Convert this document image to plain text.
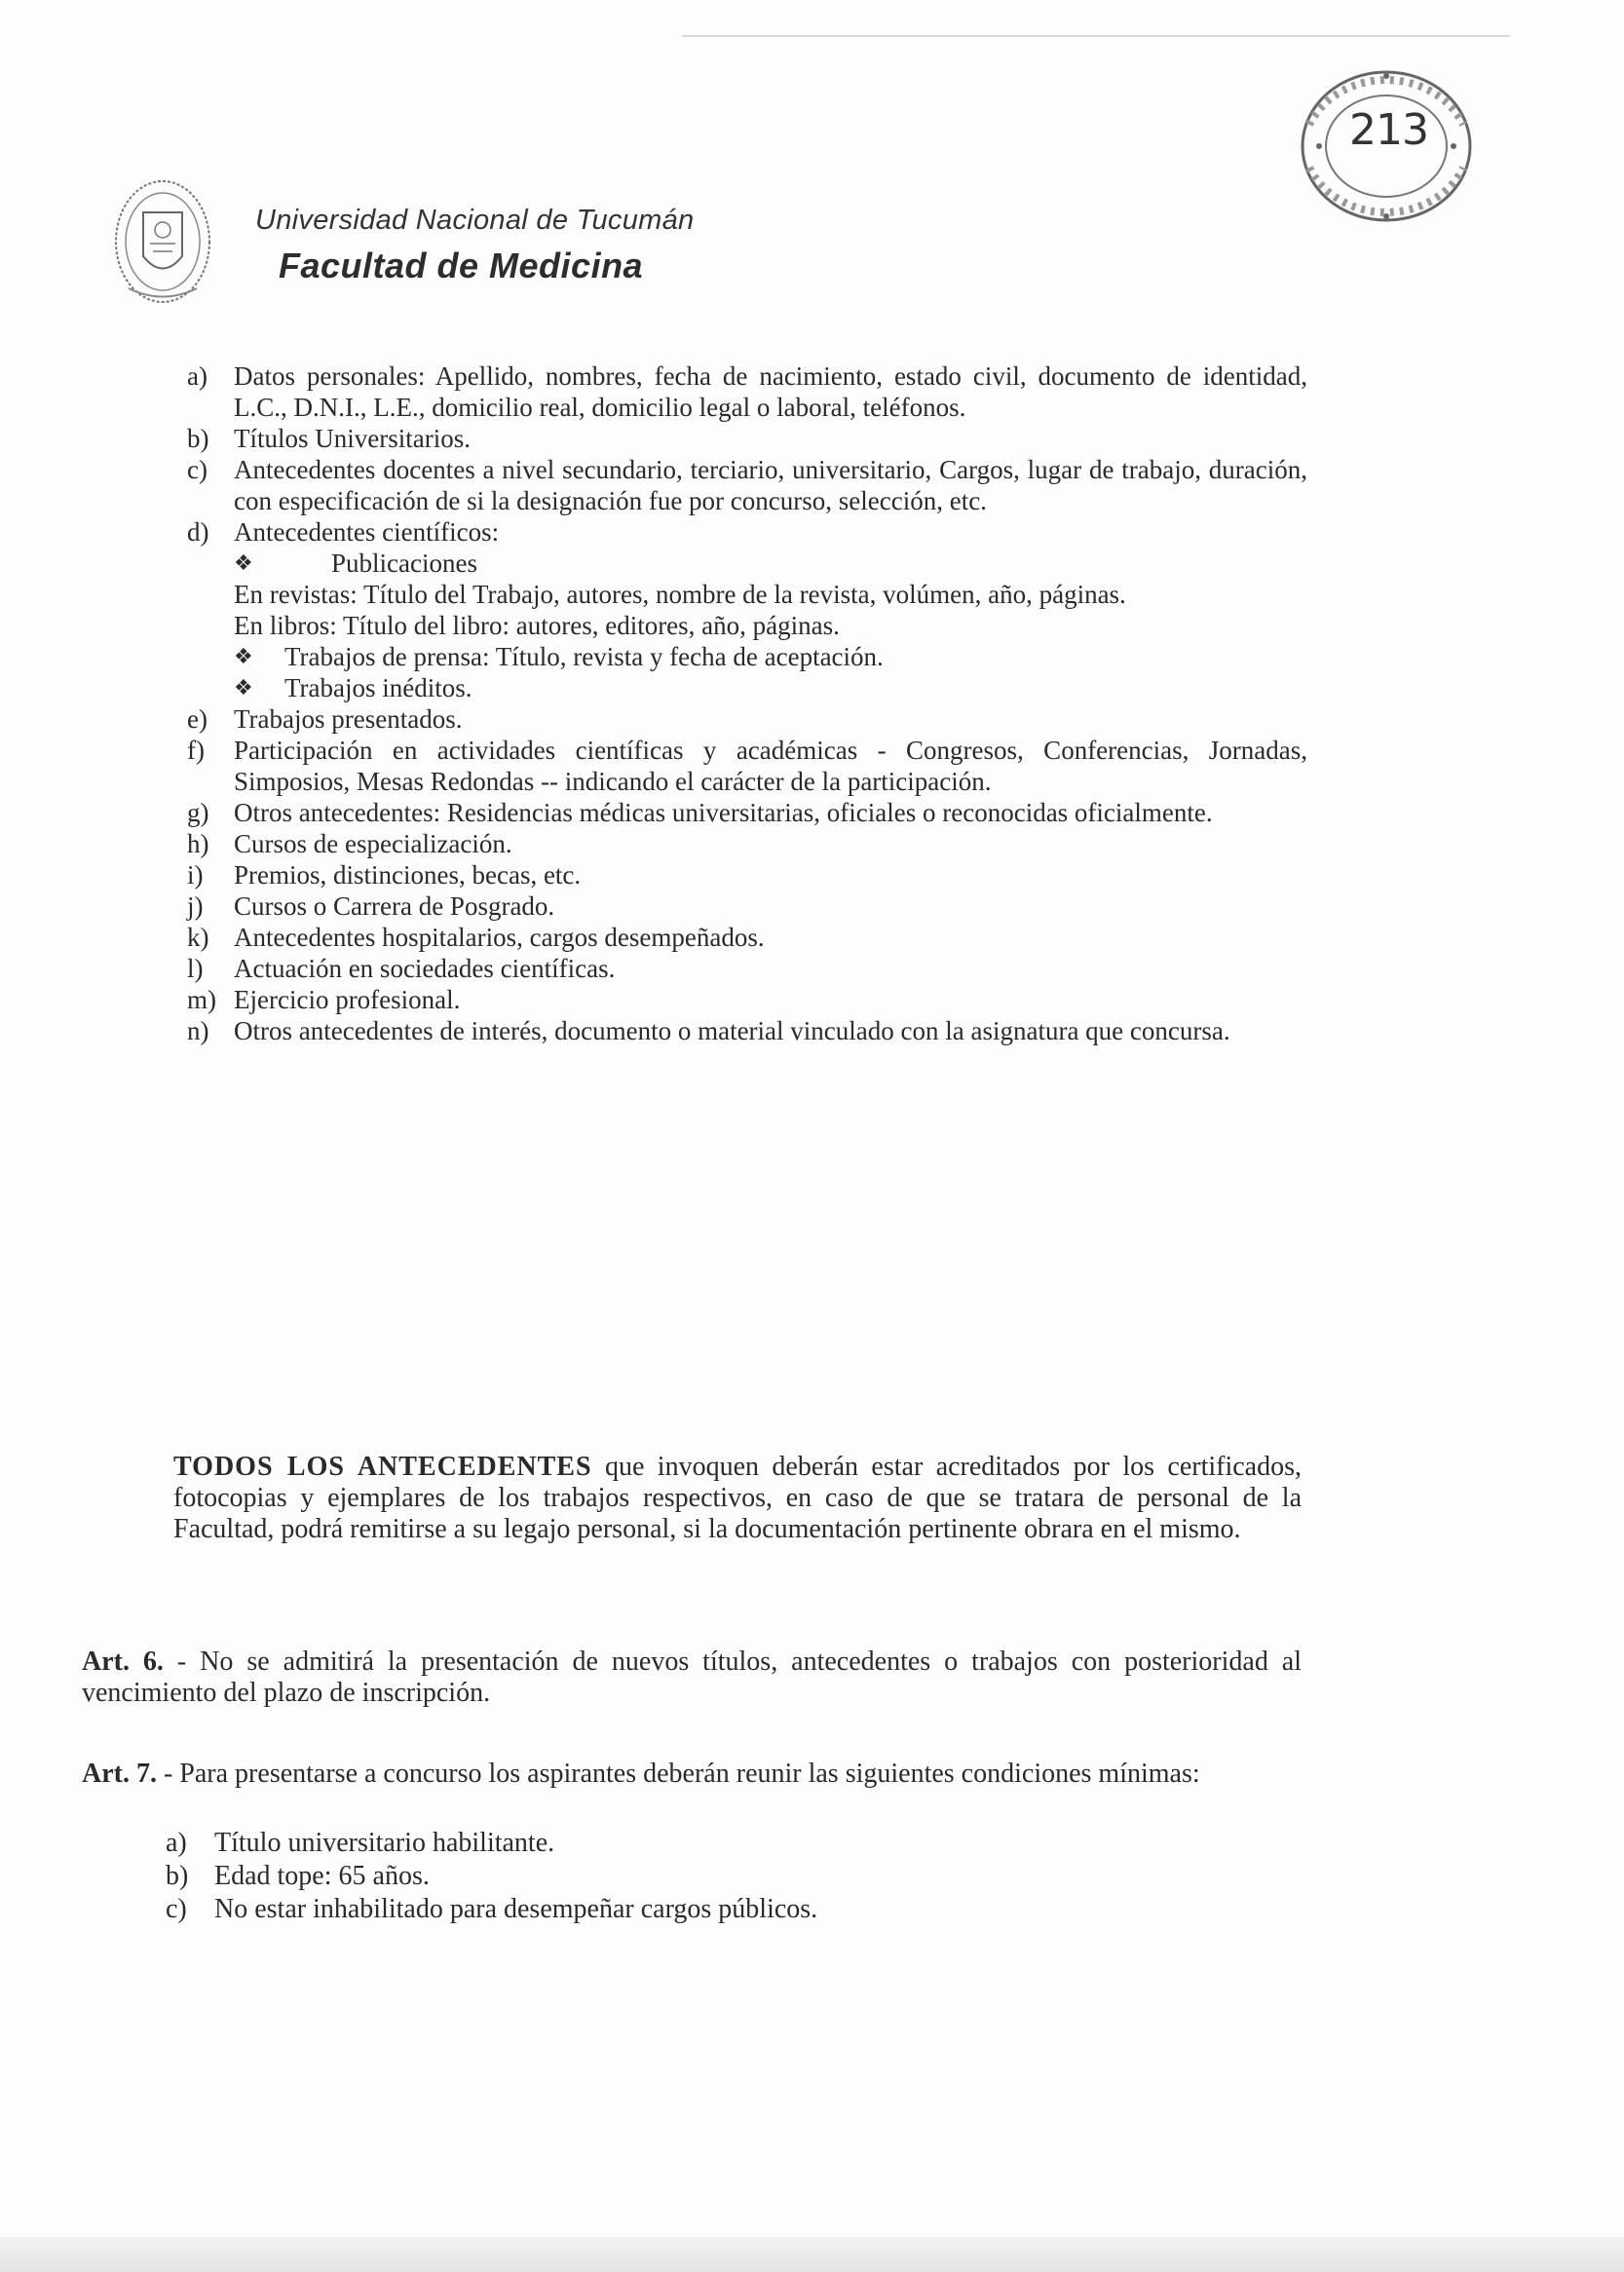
Universidad Nacional de Tucumán
Facultad de Medicina
213
a)	Datos personales: Apellido, nombres, fecha de nacimiento, estado civil, documento de identidad, L.C., D.N.I., L.E., domicilio real, domicilio legal o laboral, teléfonos.
b) Títulos Universitarios.
c)	Antecedentes docentes a nivel secundario, terciario, universitario, Cargos, lugar de trabajo, duración, con especificación de si la designación fue por concurso, selección, etc.
d) Antecedentes científicos:
❖	Publicaciones
En revistas: Título del Trabajo, autores, nombre de la revista, volúmen, año, páginas.
En libros: Título del libro: autores, editores, año, páginas.
❖	Trabajos de prensa: Título, revista y fecha de aceptación.
❖	Trabajos inéditos.
e)	Trabajos presentados.
f)	Participación en actividades científicas y académicas - Congresos, Conferencias, Jornadas, Simposios, Mesas Redondas -- indicando el carácter de la participación.
g) Otros antecedentes: Residencias médicas universitarias, oficiales o reconocidas oficialmente.
h) Cursos de especialización.
i)	Premios, distinciones, becas, etc.
j)	Cursos o Carrera de Posgrado.
k) Antecedentes hospitalarios, cargos desempeñados.
l)	Actuación en sociedades científicas.
m) Ejercicio profesional.
n) Otros antecedentes de interés, documento o material vinculado con la asignatura que concursa.
TODOS LOS ANTECEDENTES que invoquen deberán estar acreditados por los certificados, fotocopias y ejemplares de los trabajos respectivos, en caso de que se tratara de personal de la Facultad, podrá remitirse a su legajo personal, si la documentación pertinente obrara en el mismo.
Art. 6. - No se admitirá la presentación de nuevos títulos, antecedentes o trabajos con posterioridad al vencimiento del plazo de inscripción.
Art. 7. - Para presentarse a concurso los aspirantes deberán reunir las siguientes condiciones mínimas:
a)	Título universitario habilitante.
b) Edad tope: 65 años.
c)	No estar inhabilitado para desempeñar cargos públicos.
